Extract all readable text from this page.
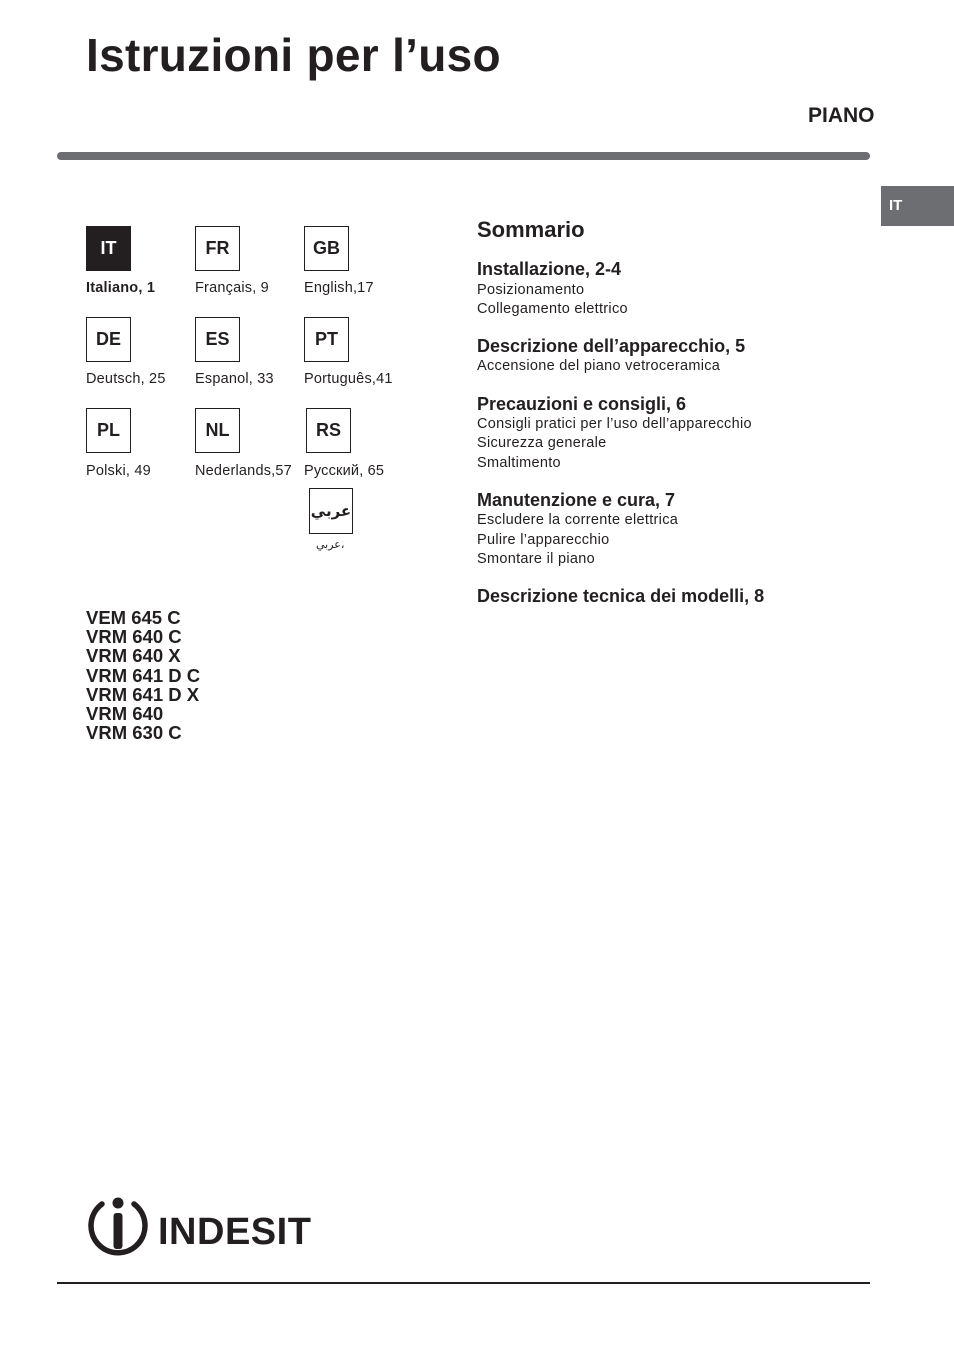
Istruzioni per l’uso
PIANO
IT
IT
Italiano, 1
FR
Français, 9
GB
English,17
DE
Deutsch, 25
ES
Espanol, 33
PT
Português,41
PL
Polski, 49
NL
Nederlands,57
RS
Русский, 65
عربي
عربي،
VEM 645 C
VRM 640 C
VRM 640 X
VRM 641 D C
VRM 641 D X
VRM 640
VRM 630 C
Sommario
Installazione, 2-4
Posizionamento
Collegamento elettrico
Descrizione dell’apparecchio, 5
Accensione del piano vetroceramica
Precauzioni e consigli, 6
Consigli pratici per l’uso dell’apparecchio
Sicurezza generale
Smaltimento
Manutenzione e cura, 7
Escludere la corrente elettrica
Pulire l’apparecchio
Smontare il piano
Descrizione tecnica dei modelli, 8
INDESIT
